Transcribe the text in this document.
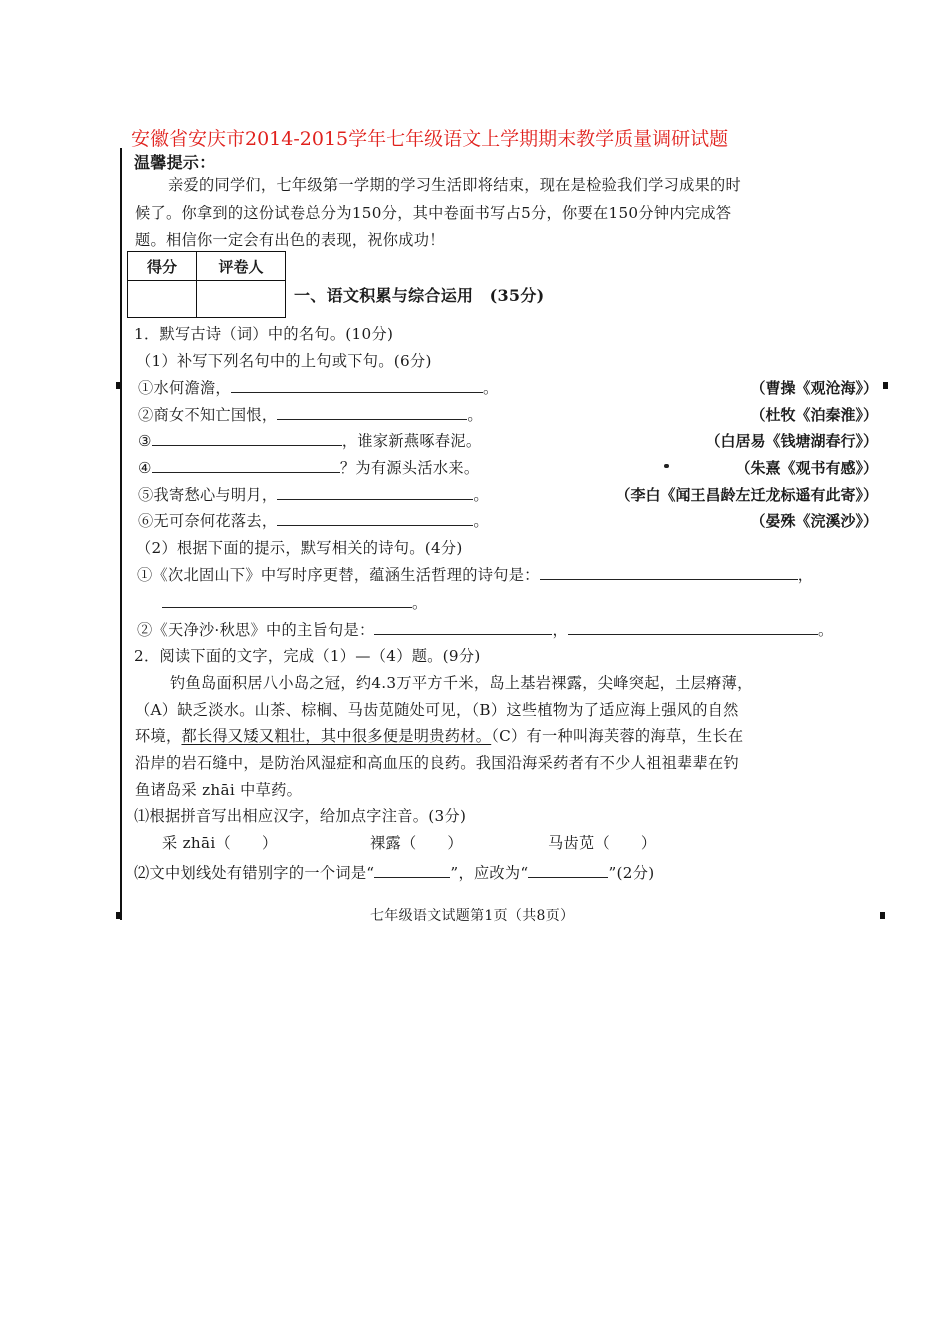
安徽省安庆市2014-2015学年七年级语文上学期期末教学质量调研试题
温馨提示：
亲爱的同学们，七年级第一学期的学习生活即将结束，现在是检验我们学习成果的时
候了。你拿到的这份试卷总分为150分，其中卷面书写占5分，你要在150分钟内完成答
题。相信你一定会有出色的表现，祝你成功！
得分	评卷人

一、语文积累与综合运用　(35分)
1．默写古诗（词）中的名句。(10分)
（1）补写下列名句中的上句或下句。(6分)
①水何澹澹，	。	（曹操《观沧海》）
②商女不知亡国恨，	。	（杜牧《泊秦淮》）
③	，谁家新燕啄春泥。	（白居易《钱塘湖春行》）
④	？为有源头活水来。	（朱熹《观书有感》）
⑤我寄愁心与明月，	。	（李白《闻王昌龄左迁龙标遥有此寄》）
⑥无可奈何花落去，	。	（晏殊《浣溪沙》）
（2）根据下面的提示，默写相关的诗句。(4分)
①《次北固山下》中写时序更替，蕴涵生活哲理的诗句是：	，
。
②《天净沙·秋思》中的主旨句是：	，	。
2．阅读下面的文字，完成（1）—（4）题。(9分)
钓鱼岛面积居八小岛之冠，约4.3万平方千米，岛上基岩裸露，尖峰突起，土层瘠薄，
（A）缺乏淡水。山茶、棕榈、马齿苋随处可见，（B）这些植物为了适应海上强风的自然
环境，都长得又矮又粗壮，其中很多便是明贵药材。（C）有一种叫海芙蓉的海草，生长在
沿岸的岩石缝中，是防治风湿症和高血压的良药。我国沿海采药者有不少人祖祖辈辈在钓
鱼诸岛采 zhāi 中草药。
⑴根据拼音写出相应汉字，给加点字注音。(3分)
采 zhāi（　　）	裸露（　　）	马齿苋（　　）
⑵文中划线处有错别字的一个词是“	”，应改为“	”(2分)
七年级语文试题第1页（共8页）
